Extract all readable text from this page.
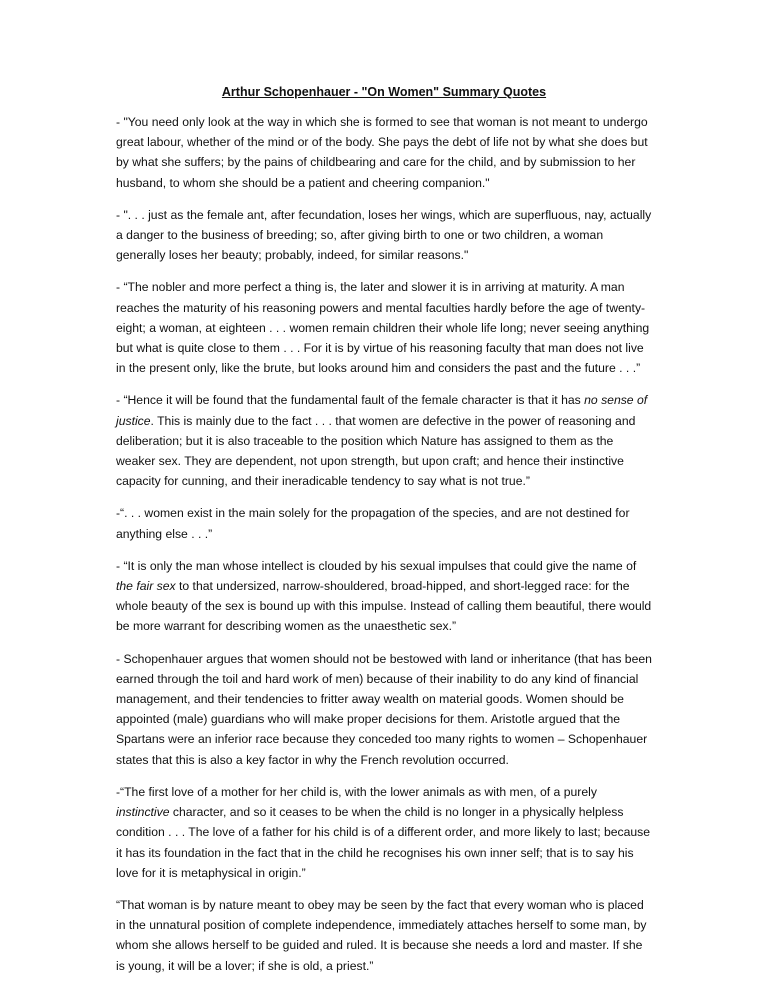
Arthur Schopenhauer - "On Women" Summary Quotes

- "You need only look at the way in which she is formed to see that woman is not meant to undergo great labour, whether of the mind or of the body. She pays the debt of life not by what she does but by what she suffers; by the pains of childbearing and care for the child, and by submission to her husband, to whom she should be a patient and cheering companion."

- ". . . just as the female ant, after fecundation, loses her wings, which are superfluous, nay, actually a danger to the business of breeding; so, after giving birth to one or two children, a woman generally loses her beauty; probably, indeed, for similar reasons."

- “The nobler and more perfect a thing is, the later and slower it is in arriving at maturity. A man reaches the maturity of his reasoning powers and mental faculties hardly before the age of twenty-eight; a woman, at eighteen . . . women remain children their whole life long; never seeing anything but what is quite close to them . . . For it is by virtue of his reasoning faculty that man does not live in the present only, like the brute, but looks around him and considers the past and the future . . .”

- “Hence it will be found that the fundamental fault of the female character is that it has no sense of justice. This is mainly due to the fact . . . that women are defective in the power of reasoning and deliberation; but it is also traceable to the position which Nature has assigned to them as the weaker sex. They are dependent, not upon strength, but upon craft; and hence their instinctive capacity for cunning, and their ineradicable tendency to say what is not true.”

-“. . . women exist in the main solely for the propagation of the species, and are not destined for anything else . . .”

- “It is only the man whose intellect is clouded by his sexual impulses that could give the name of the fair sex to that undersized, narrow-shouldered, broad-hipped, and short-legged race: for the whole beauty of the sex is bound up with this impulse. Instead of calling them beautiful, there would be more warrant for describing women as the unaesthetic sex.”

- Schopenhauer argues that women should not be bestowed with land or inheritance (that has been earned through the toil and hard work of men) because of their inability to do any kind of financial management, and their tendencies to fritter away wealth on material goods. Women should be appointed (male) guardians who will make proper decisions for them. Aristotle argued that the Spartans were an inferior race because they conceded too many rights to women – Schopenhauer states that this is also a key factor in why the French revolution occurred.

-“The first love of a mother for her child is, with the lower animals as with men, of a purely instinctive character, and so it ceases to be when the child is no longer in a physically helpless condition . . . The love of a father for his child is of a different order, and more likely to last; because it has its foundation in the fact that in the child he recognises his own inner self; that is to say his love for it is metaphysical in origin.”

“That woman is by nature meant to obey may be seen by the fact that every woman who is placed in the unnatural position of complete independence, immediately attaches herself to some man, by whom she allows herself to be guided and ruled. It is because she needs a lord and master. If she is young, it will be a lover; if she is old, a priest.”
